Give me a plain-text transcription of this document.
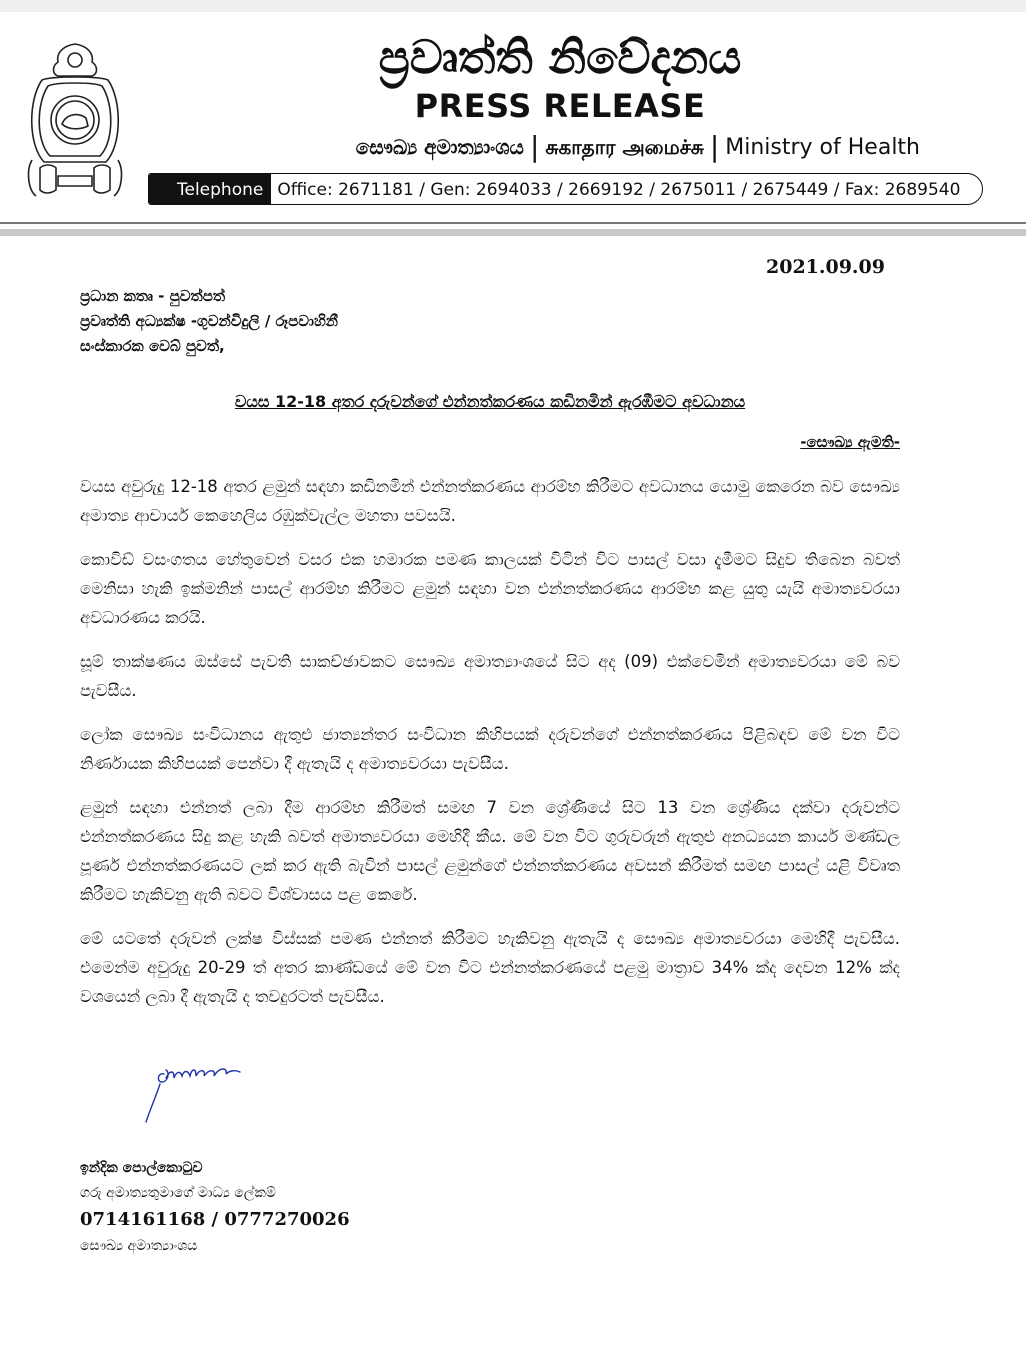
ප්‍රවෘත්ති නිවේදනය
PRESS RELEASE
සෞඛ්‍ය අමාත්‍යාංශය | சுகாதார அமைச்சு | Ministry of Health
Telephone Office: 2671181 / Gen: 2694033 / 2669192 / 2675011 / 2675449 / Fax: 2689540
2021.09.09
ප්‍රධාන කතෘ - පුවත්පත්
ප්‍රවෘත්ති අධ්‍යක්ෂ -ගුවන්විදුලි / රූපවාහිනී
සංස්කාරක වෙබ් පුවත්,
වයස 12-18 අතර දරුවන්ගේ එන්නත්කරණය කඩිනමින් ඇරඹීමට අවධානය
-සෞඛ්‍ය ඇමති-

වයස අවුරුදු 12-18 අතර ළමුන් සඳහා කඩිනමින් එන්නත්කරණය ආරම්භ කිරීමට අවධානය යොමු කෙරෙන බව සෞඛ්‍ය අමාත්‍ය ආචාර්ය කෙහෙලිය රඹුක්වැල්ල මහතා පවසයි.

කොවිඩ් වසංගතය හේතුවෙන් වසර එක හමාරක පමණ කාලයක් විටින් විට පාසල් වසා දැමීමට සිදුව තිබෙන බවත් මෙනිසා හැකි ඉක්මනින් පාසල් ආරම්භ කිරීමට ළමුන් සඳහා වන එන්නත්කරණය ආරම්භ කළ යුතු යැයි අමාත්‍යවරයා අවධාරණය කරයි.

සූම් තාක්ෂණය ඔස්සේ පැවති සාකච්ඡාවකට සෞඛ්‍ය අමාත්‍යාංශයේ සිට අද (09) එක්වෙමින් අමාත්‍යවරයා මේ බව පැවසීය.

ලෝක සෞඛ්‍ය සංවිධානය ඇතුළු ජාත්‍යන්තර සංවිධාන කිහිපයක් දරුවන්ගේ එන්නත්කරණය පිළිබඳව මේ වන විට නිර්ණායක කිහිපයක් පෙන්වා දී ඇතැයි ද අමාත්‍යවරයා පැවසීය.

ළමුන් සඳහා එන්නත් ලබා දීම ආරම්භ කිරීමත් සමඟ 7 වන ශ්‍රේණියේ සිට 13 වන ශ්‍රේණිය දක්වා දරුවන්ට එන්නත්කරණය සිදු කළ හැකි බවත් අමාත්‍යවරයා මෙහිදී කීය. මේ වන විට ගුරුවරුන් ඇතුළු අනධ්‍යයන කාර්ය මණ්ඩල පූර්ණ එන්නත්කරණයට ලක් කර ඇති බැවින් පාසල් ළමුන්ගේ එන්නත්කරණය අවසන් කිරීමත් සමඟ පාසල් යළි විවෘත කිරීමට හැකිවනු ඇති බවට විශ්වාසය පළ කෙරේ.

මේ යටතේ දරුවන් ලක්ෂ විස්සක් පමණ එන්නත් කිරීමට හැකිවනු ඇතැයි ද සෞඛ්‍ය අමාත්‍යවරයා මෙහිදී පැවසීය. එමෙන්ම අවුරුදු 20-29 ත් අතර කාණ්ඩයේ මේ වන විට එන්නත්කරණයේ පළමු මාත්‍රාව 34% ක්ද දෙවන 12% ක්ද වශයෙන් ලබා දී ඇතැයි ද තවදුරටත් පැවසීය.

ඉන්දික පොල්කොටුව
ගරු අමාත්‍යතුමාගේ මාධ්‍ය ලේකම්
0714161168 / 0777270026
සෞඛ්‍ය අමාත්‍යාංශය
